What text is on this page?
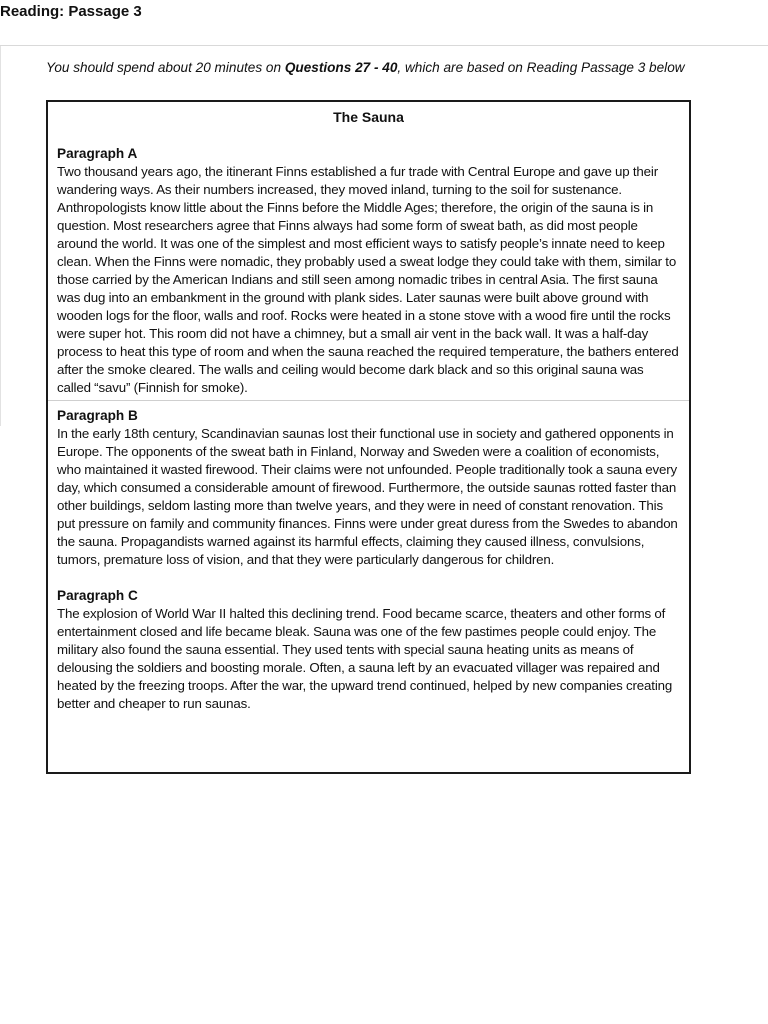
Reading: Passage 3

You should spend about 20 minutes on Questions 27 - 40, which are based on Reading Passage 3 below

The Sauna
Paragraph A

Two thousand years ago, the itinerant Finns established a fur trade with Central Europe and gave up their wandering ways. As their numbers increased, they moved inland, turning to the soil for sustenance. Anthropologists know little about the Finns before the Middle Ages; therefore, the origin of the sauna is in question. Most researchers agree that Finns always had some form of sweat bath, as did most people around the world. It was one of the simplest and most efficient ways to satisfy people’s innate need to keep clean. When the Finns were nomadic, they probably used a sweat lodge they could take with them, similar to those carried by the American Indians and still seen among nomadic tribes in central Asia. The first sauna was dug into an embankment in the ground with plank sides. Later saunas were built above ground with wooden logs for the floor, walls and roof. Rocks were heated in a stone stove with a wood fire until the rocks were super hot. This room did not have a chimney, but a small air vent in the back wall. It was a half-day process to heat this type of room and when the sauna reached the required temperature, the bathers entered after the smoke cleared. The walls and ceiling would become dark black and so this original sauna was called “savu” (Finnish for smoke).

Paragraph B

In the early 18th century, Scandinavian saunas lost their functional use in society and gathered opponents in Europe. The opponents of the sweat bath in Finland, Norway and Sweden were a coalition of economists, who maintained it wasted firewood. Their claims were not unfounded. People traditionally took a sauna every day, which consumed a considerable amount of firewood. Furthermore, the outside saunas rotted faster than other buildings, seldom lasting more than twelve years, and they were in need of constant renovation. This put pressure on family and community finances. Finns were under great duress from the Swedes to abandon the sauna. Propagandists warned against its harmful effects, claiming they caused illness, convulsions, tumors, premature loss of vision, and that they were particularly dangerous for children.

Paragraph C

The explosion of World War II halted this declining trend. Food became scarce, theaters and other forms of entertainment closed and life became bleak. Sauna was one of the few pastimes people could enjoy. The military also found the sauna essential. They used tents with special sauna heating units as means of delousing the soldiers and boosting morale. Often, a sauna left by an evacuated villager was repaired and heated by the freezing troops. After the war, the upward trend continued, helped by new companies creating better and cheaper to run saunas.
